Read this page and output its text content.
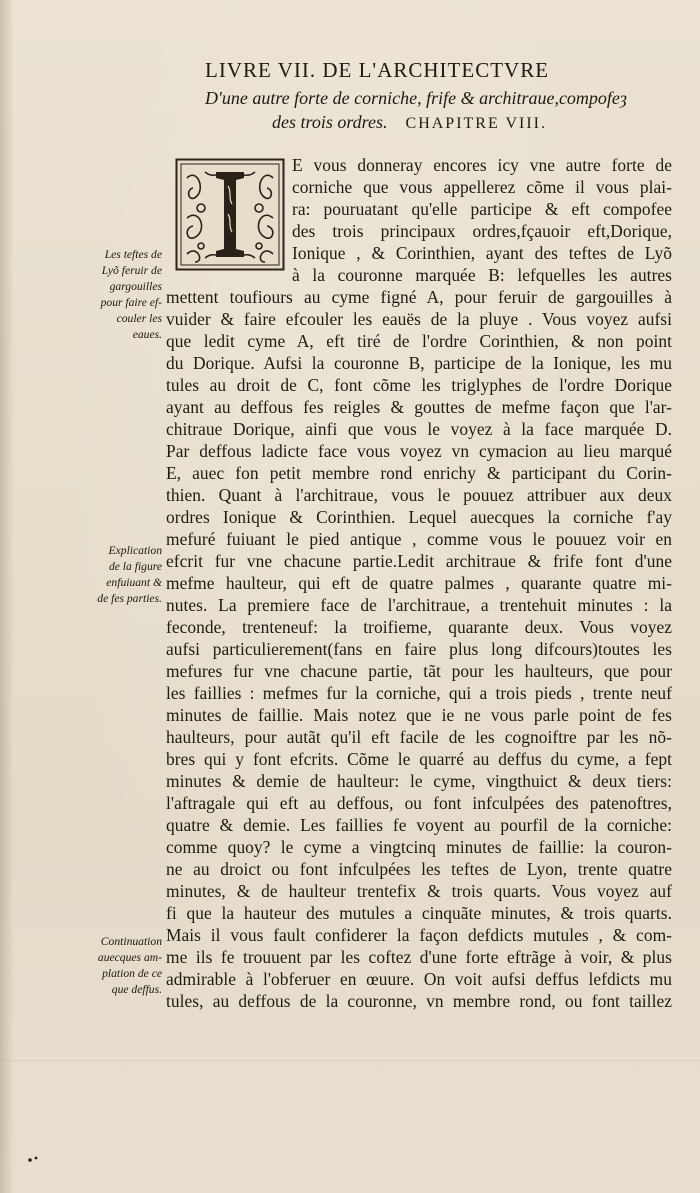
LIVRE VII. DE L'ARCHITECTVRE

D'une autre forte de corniche, frife & architraue,compofeȝ

des trois ordres. CHAPITRE VIII.

E vous donneray encores icy vne autre forte de
corniche que vous appellerez cõme il vous plai-
ra: pouruatant qu'elle participe & eft compofee
des trois principaux ordres,fçauoir eft,Dorique,
Ionique , & Corinthien, ayant des teftes de Lyõ
à la couronne marquée B: lefquelles les autres
mettent toufiours au cyme figné A, pour feruir de gargouilles à
vuider & faire efcouler les eauës de la pluye . Vous voyez aufsi
que ledit cyme A, eft tiré de l'ordre Corinthien, & non point
du Dorique. Aufsi la couronne B, participe de la Ionique, les mu
tules au droit de C, font cõme les triglyphes de l'ordre Dorique
ayant au deffous fes reigles & gouttes de mefme façon que l'ar-
chitraue Dorique, ainfi que vous le voyez à la face marquée D.
Par deffous ladicte face vous voyez vn cymacion au lieu marqué
E, auec fon petit membre rond enrichy & participant du Corin-
thien. Quant à l'architraue, vous le pouuez attribuer aux deux
ordres Ionique & Corinthien. Lequel auecques la corniche f'ay
mefuré fuiuant le pied antique , comme vous le pouuez voir en
efcrit fur vne chacune partie.Ledit architraue & frife font d'une
mefme haulteur, qui eft de quatre palmes , quarante quatre mi-
nutes. La premiere face de l'architraue, a trentehuit minutes : la
feconde, trenteneuf: la troifieme, quarante deux. Vous voyez
aufsi particulierement(fans en faire plus long difcours)toutes les
mefures fur vne chacune partie, tãt pour les haulteurs, que pour
les faillies : mefmes fur la corniche, qui a trois pieds , trente neuf
minutes de faillie. Mais notez que ie ne vous parle point de fes
haulteurs, pour autãt qu'il eft facile de les cognoiftre par les nõ-
bres qui y font efcrits. Cõme le quarré au deffus du cyme, a fept
minutes & demie de haulteur: le cyme, vingthuict & deux tiers:
l'aftragale qui eft au deffous, ou font infculpées des patenoftres,
quatre & demie. Les faillies fe voyent au pourfil de la corniche:
comme quoy? le cyme a vingtcinq minutes de faillie: la couron-
ne au droict ou font infculpées les teftes de Lyon, trente quatre
minutes, & de haulteur trentefix & trois quarts. Vous voyez auf
fi que la hauteur des mutules a cinquãte minutes, & trois quarts.
Mais il vous fault confiderer la façon defdicts mutules , & com-
me ils fe trouuent par les coftez d'une forte eftrãge à voir, & plus
admirable à l'obferuer en œuure. On voit aufsi deffus lefdicts mu
tules, au deffous de la couronne, vn membre rond, ou font taillez
Les teftes de
Lyõ feruir de
gargouilles
pour faire ef-
couler les
eaues.
Explication
de la figure
enfuiuant &
de fes parties.
Continuation
auecques am-
plation de ce
que deffus.
